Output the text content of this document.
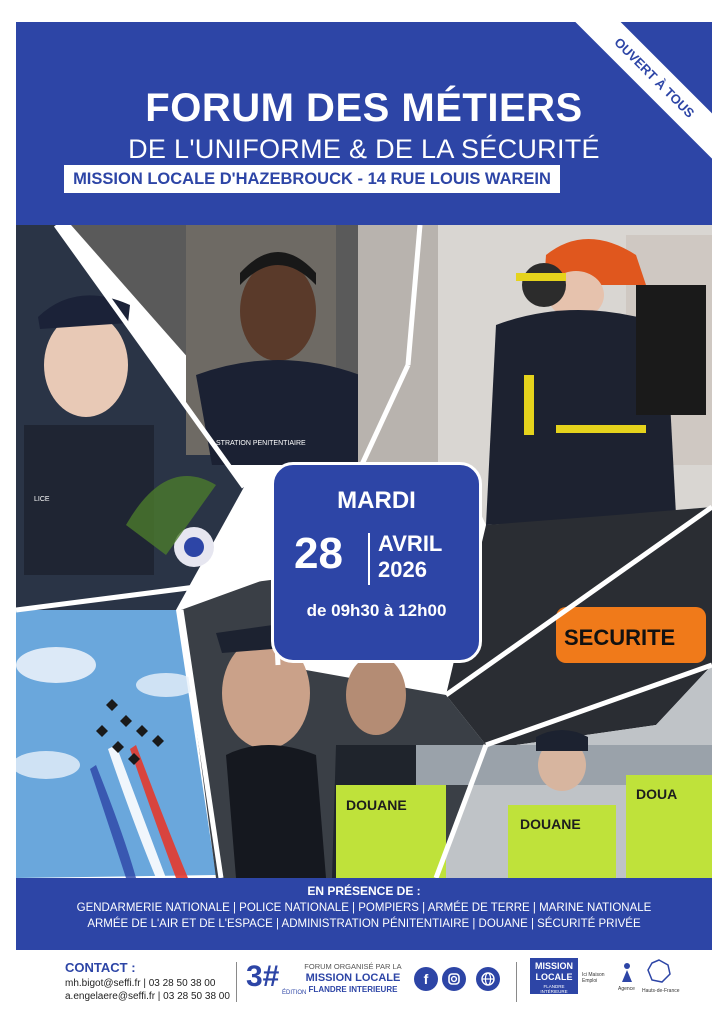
FORUM DES MÉTIERS
DE L'UNIFORME & DE LA SÉCURITÉ
MISSION LOCALE D'HAZEBROUCK - 14 RUE LOUIS WAREIN
OUVERT À TOUS
LICE
STRATION PENITENTIAIRE
SECURITE
DOUANE
DOUANE
DOUA
MARDI
28 AVRIL
2026
de 09h30 à 12h00
EN PRÉSENCE DE :
GENDARMERIE NATIONALE | POLICE NATIONALE | POMPIERS | ARMÉE DE TERRE | MARINE NATIONALE
ARMÉE DE L'AIR ET DE L'ESPACE | ADMINISTRATION PÉNITENTIAIRE | DOUANE | SÉCURITÉ PRIVÉE
CONTACT :
mh.bigot@seffi.fr | 03 28 50 38 00
a.engelaere@seffi.fr | 03 28 50 38 00
3# ÉDITION
FORUM ORGANISÉ PAR LA
MISSION LOCALE
FLANDRE INTERIEURE
f
MISSION
LOCALE
FLANDRE INTÉRIEURE
Ici Maison Emploi
Agence Hauts-de-France
